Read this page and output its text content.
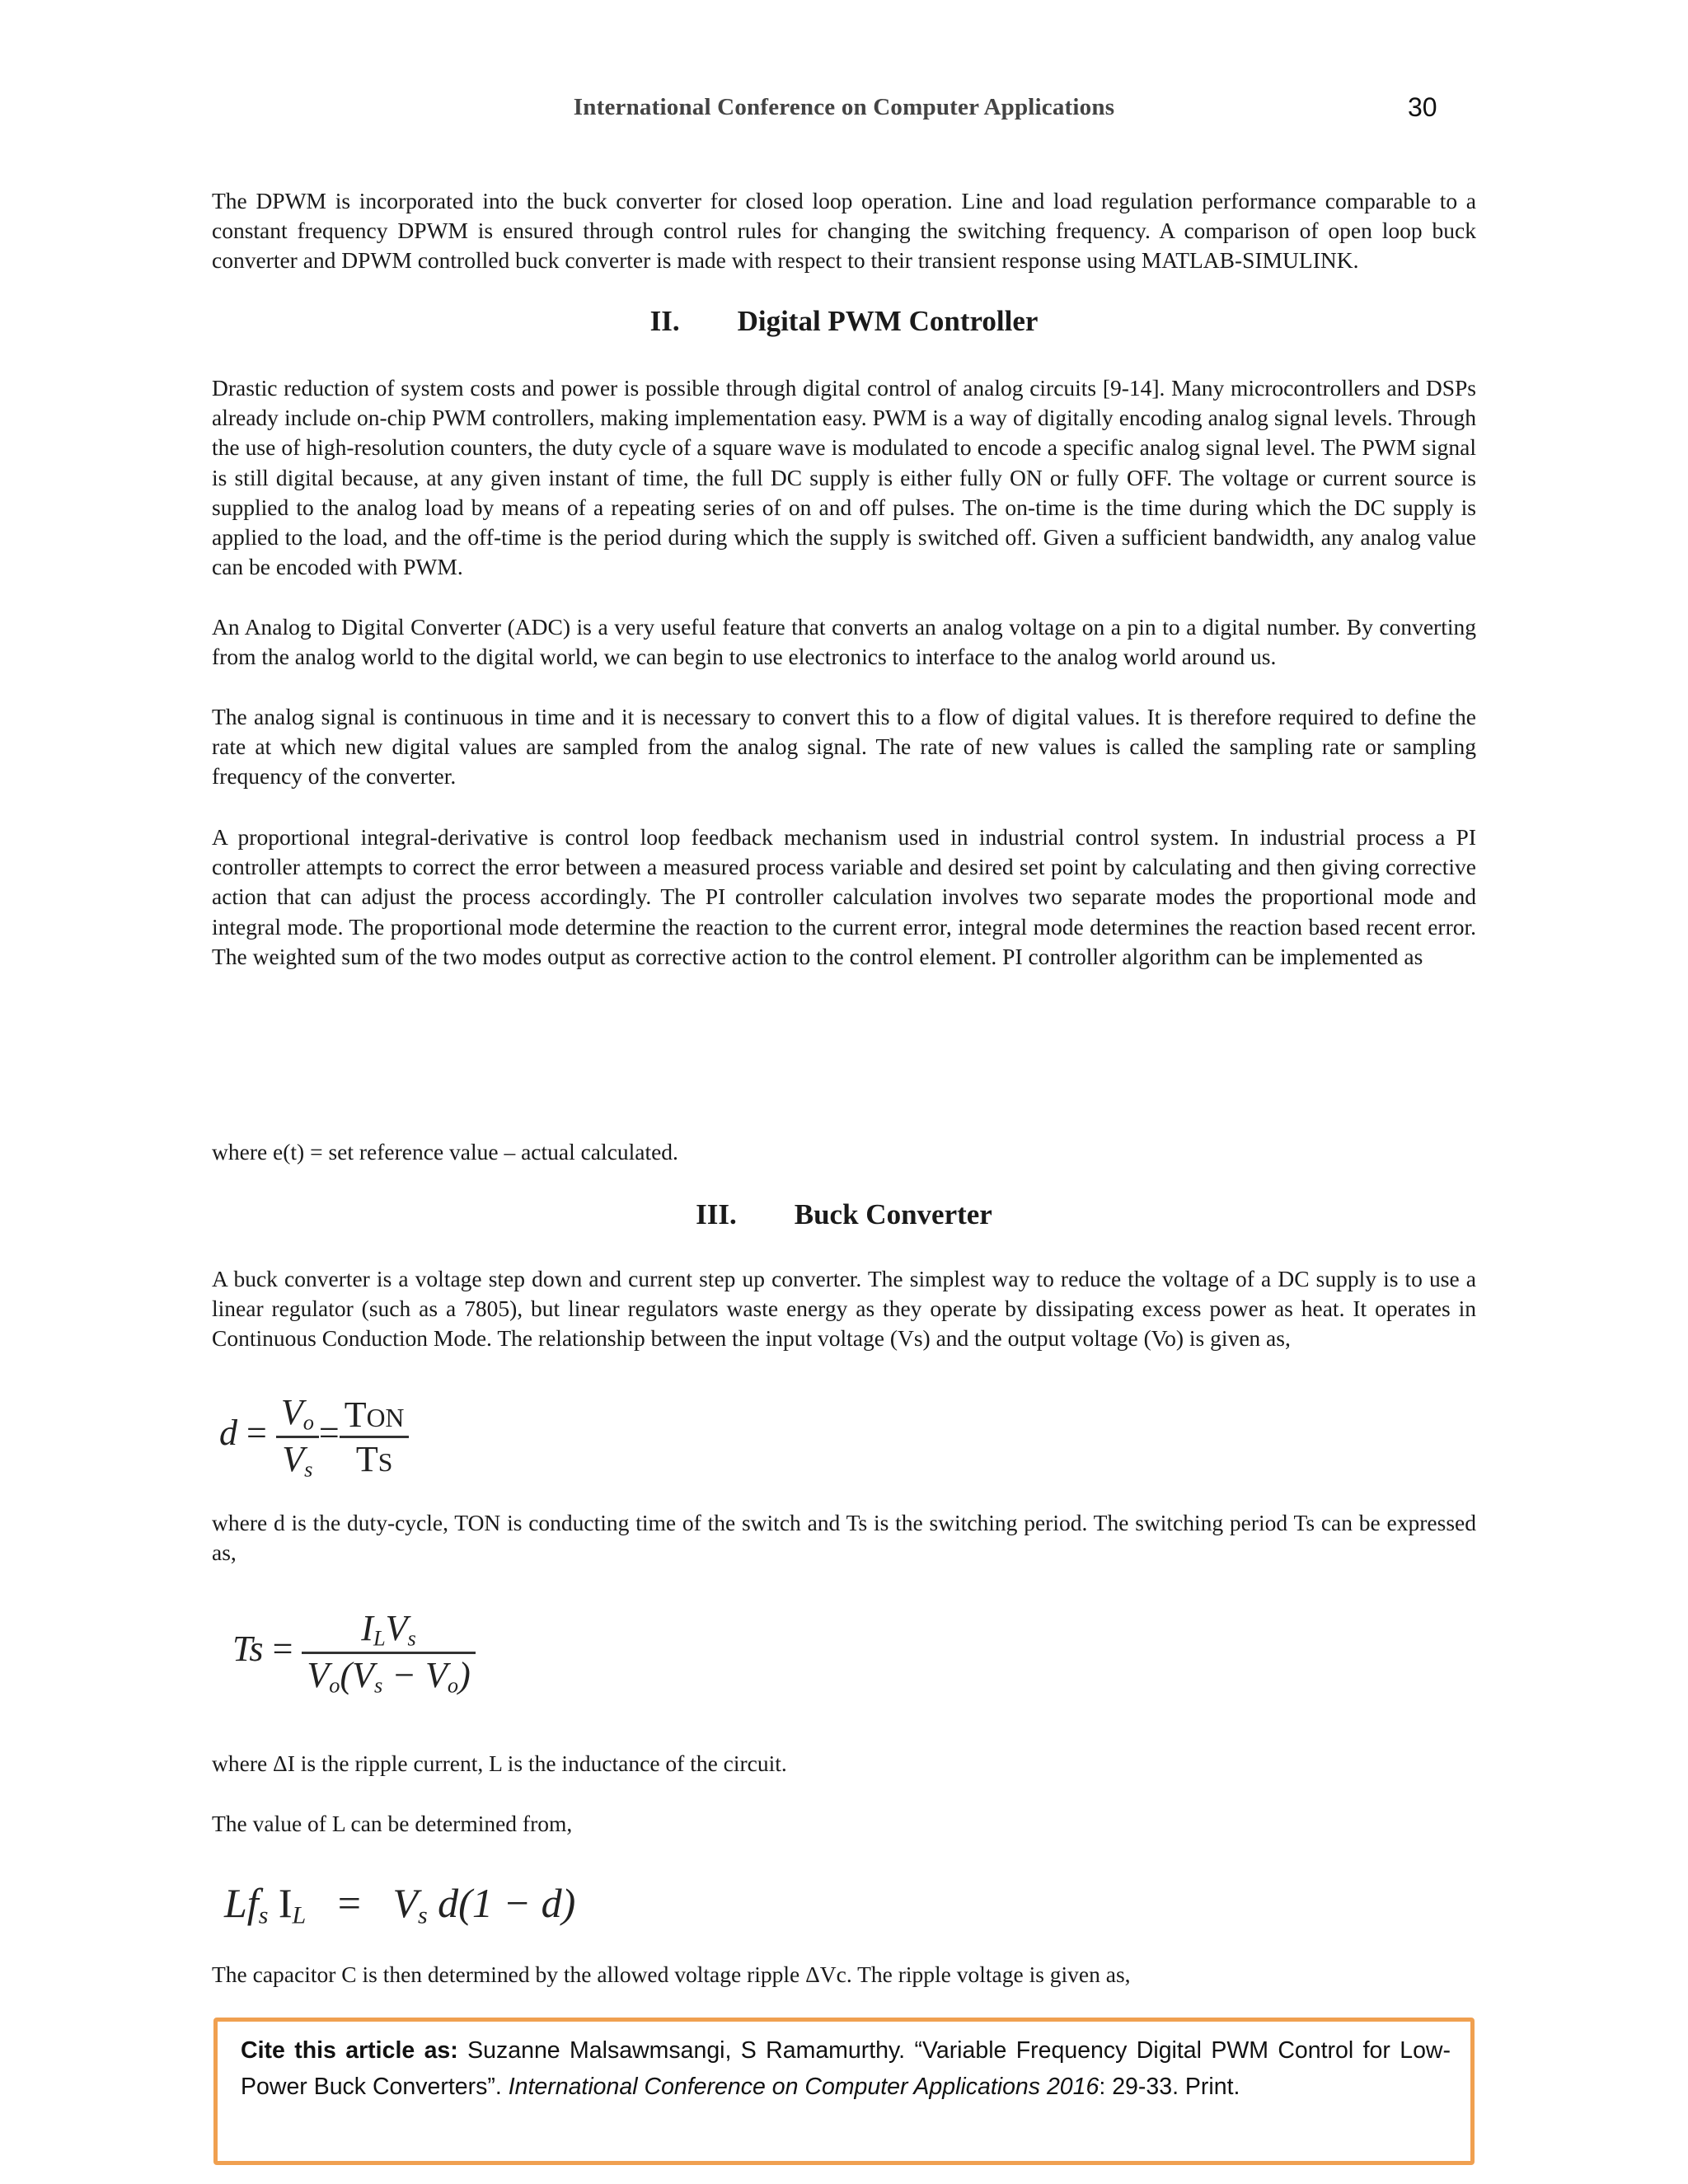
International Conference on Computer Applications	30

The DPWM is incorporated into the buck converter for closed loop operation. Line and load regulation performance comparable to a constant frequency DPWM is ensured through control rules for changing the switching frequency. A comparison of open loop buck converter and DPWM controlled buck converter is made with respect to their transient response using MATLAB-SIMULINK.

II. Digital PWM Controller

Drastic reduction of system costs and power is possible through digital control of analog circuits [9-14]. Many microcontrollers and DSPs already include on-chip PWM controllers, making implementation easy. PWM is a way of digitally encoding analog signal levels. Through the use of high-resolution counters, the duty cycle of a square wave is modulated to encode a specific analog signal level. The PWM signal is still digital because, at any given instant of time, the full DC supply is either fully ON or fully OFF. The voltage or current source is supplied to the analog load by means of a repeating series of on and off pulses. The on-time is the time during which the DC supply is applied to the load, and the off-time is the period during which the supply is switched off. Given a sufficient bandwidth, any analog value can be encoded with PWM.

An Analog to Digital Converter (ADC) is a very useful feature that converts an analog voltage on a pin to a digital number. By converting from the analog world to the digital world, we can begin to use electronics to interface to the analog world around us.

The analog signal is continuous in time and it is necessary to convert this to a flow of digital values. It is therefore required to define the rate at which new digital values are sampled from the analog signal. The rate of new values is called the sampling rate or sampling frequency of the converter.

A proportional integral-derivative is control loop feedback mechanism used in industrial control system. In industrial process a PI controller attempts to correct the error between a measured process variable and desired set point by calculating and then giving corrective action that can adjust the process accordingly. The PI controller calculation involves two separate modes the proportional mode and integral mode. The proportional mode determine the reaction to the current error, integral mode determines the reaction based recent error. The weighted sum of the two modes output as corrective action to the control element. PI controller algorithm can be implemented as

where e(t) = set reference value – actual calculated.

III. Buck Converter

A buck converter is a voltage step down and current step up converter. The simplest way to reduce the voltage of a DC supply is to use a linear regulator (such as a 7805), but linear regulators waste energy as they operate by dissipating excess power as heat. It operates in Continuous Conduction Mode. The relationship between the input voltage (Vs) and the output voltage (Vo) is given as,

$d = \frac{V_o}{V_s} = \frac{\text{TON}}{TS}$

where d is the duty-cycle, TON is conducting time of the switch and Ts is the switching period. The switching period Ts can be expressed as,

$Ts = \frac{I_LV_s}{V_o(V_s - V_o)}$

where ΔI is the ripple current, L is the inductance of the circuit.

The value of L can be determined from,

$Lf_s$ $I_L = V_s$ d(1 − d)

The capacitor C is then determined by the allowed voltage ripple ΔVc. The ripple voltage is given as,

Cite this article as: Suzanne Malsawmsangi, S Ramamurthy. “Variable Frequency Digital PWM Control for Low-Power Buck Converters”. International Conference on Computer Applications 2016: 29-33. Print.
